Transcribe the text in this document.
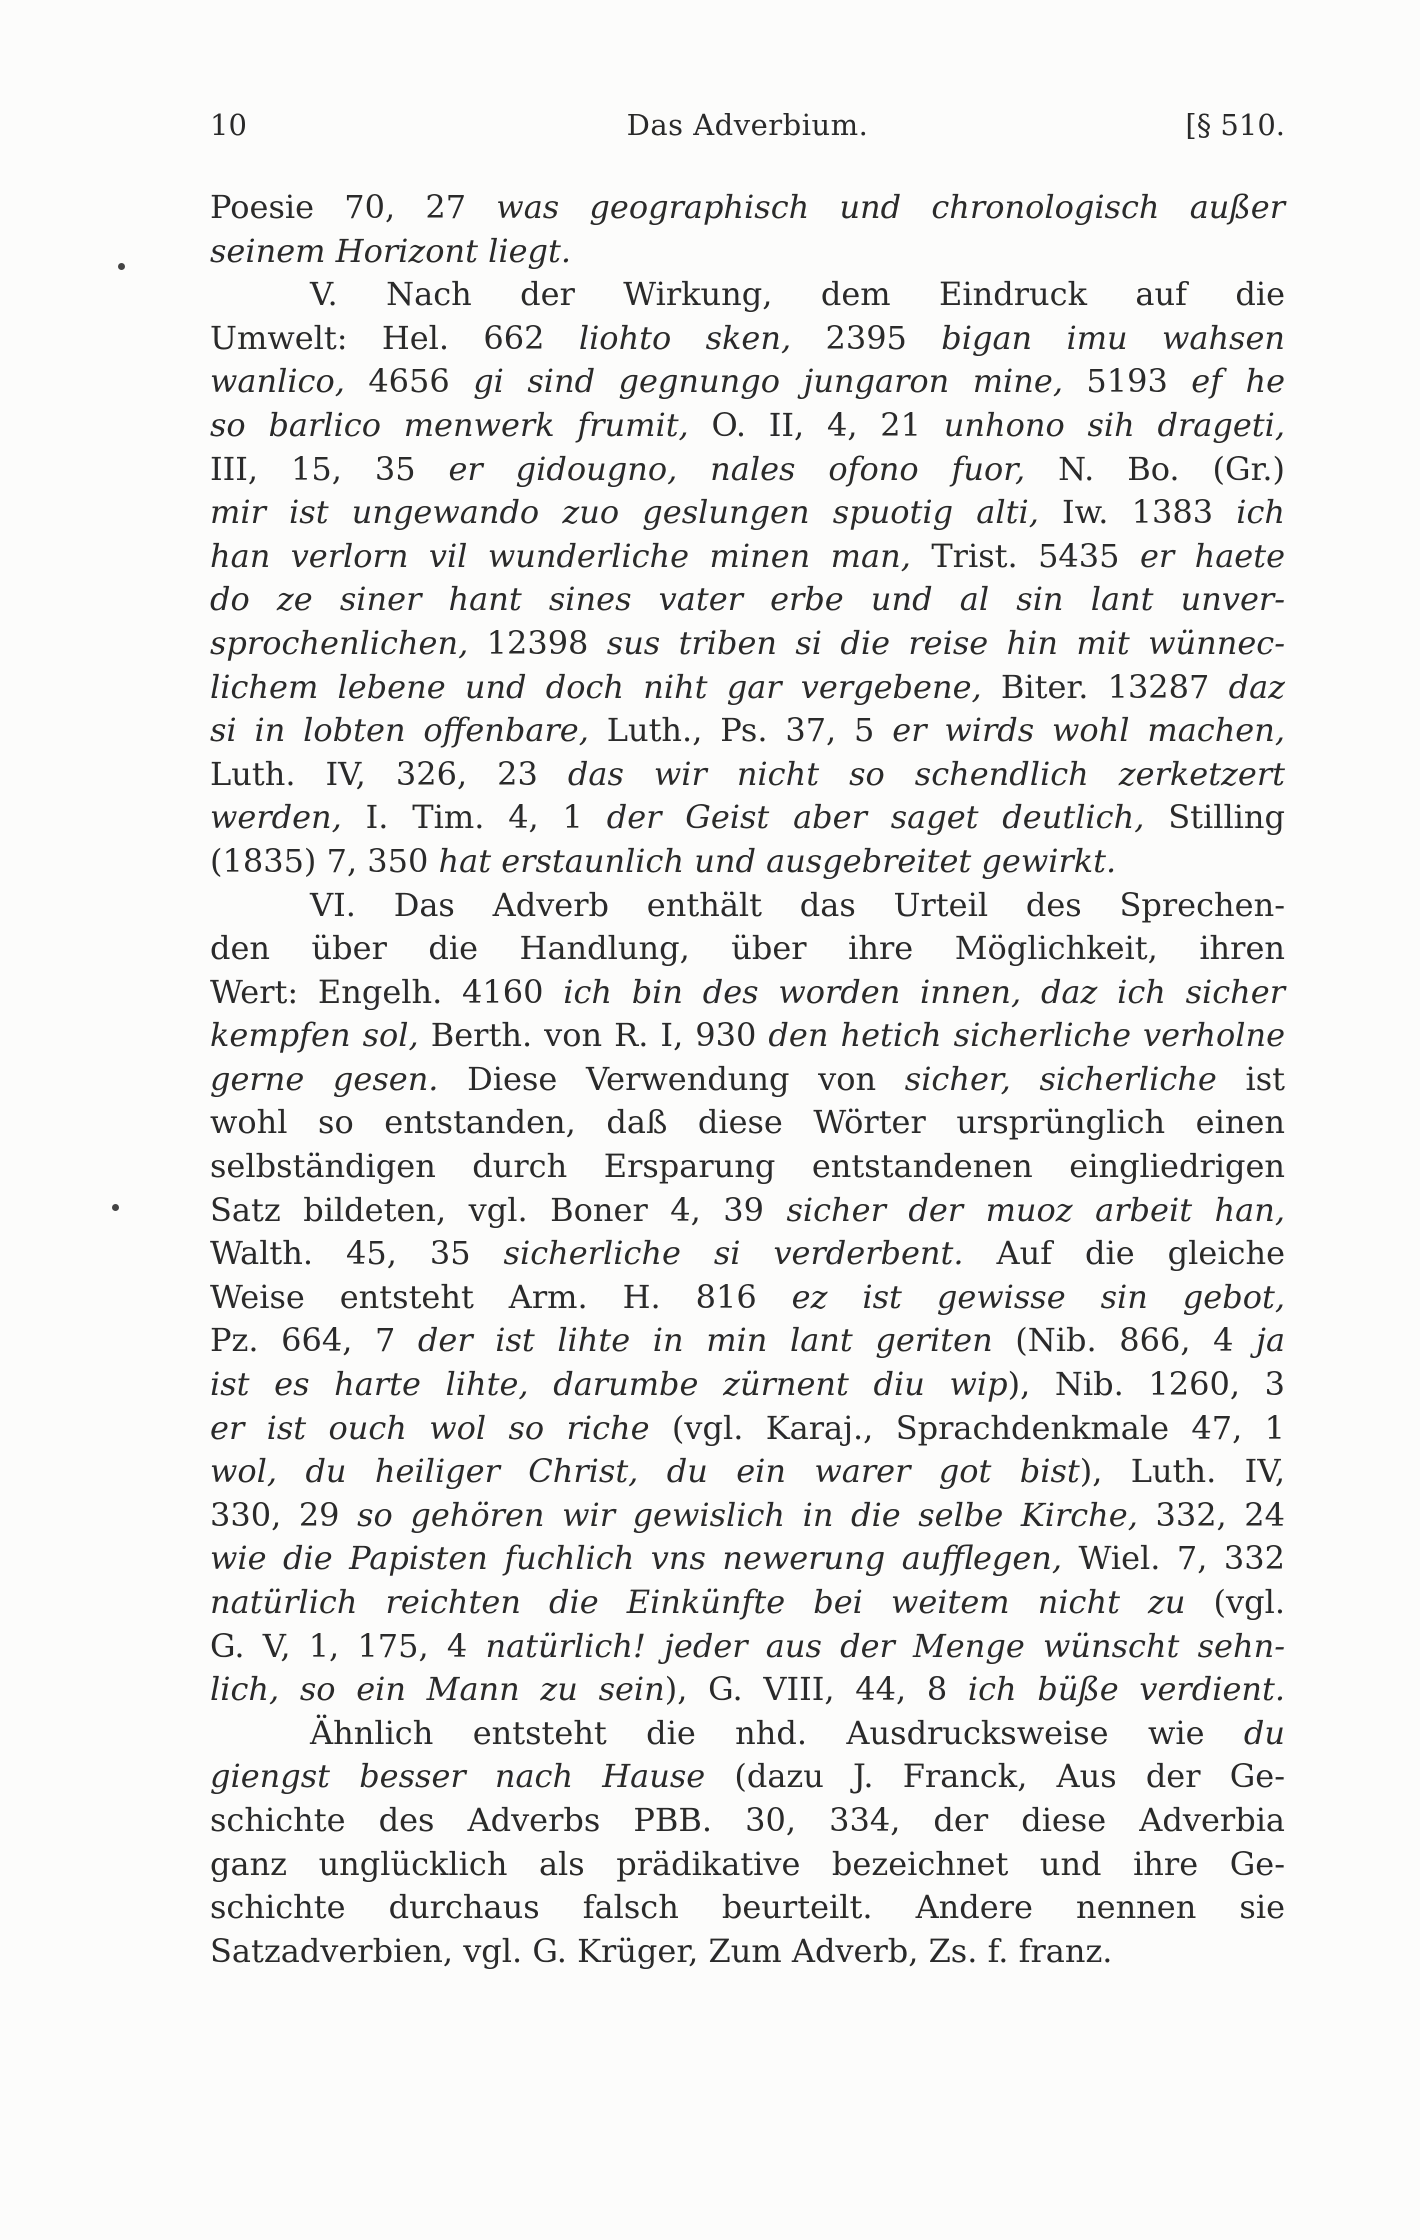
10	Das Adverbium.	[§ 510.
Poesie 70, 27 was geographisch und chronologisch außer
seinem Horizont liegt.
V. Nach der Wirkung, dem Eindruck auf die
Umwelt: Hel. 662 liohto sken, 2395 bigan imu wahsen
wanlico, 4656 gi sind gegnungo jungaron mine, 5193 ef he
so barlico menwerk frumit, O. II, 4, 21 unhono sih drageti,
III, 15, 35 er gidougno, nales ofono fuor, N. Bo. (Gr.)
mir ist ungewando zuo geslungen spuotig alti, Iw. 1383 ich
han verlorn vil wunderliche minen man, Trist. 5435 er haete
do ze siner hant sines vater erbe und al sin lant unver-
sprochenlichen, 12398 sus triben si die reise hin mit wünnec-
lichem lebene und doch niht gar vergebene, Biter. 13287 daz
si in lobten offenbare, Luth., Ps. 37, 5 er wirds wohl machen,
Luth. IV, 326, 23 das wir nicht so schendlich zerketzert
werden, I. Tim. 4, 1 der Geist aber saget deutlich, Stilling
(1835) 7, 350 hat erstaunlich und ausgebreitet gewirkt.
VI. Das Adverb enthält das Urteil des Sprechen-
den über die Handlung, über ihre Möglichkeit, ihren
Wert: Engelh. 4160 ich bin des worden innen, daz ich sicher
kempfen sol, Berth. von R. I, 930 den hetich sicherliche verholne
gerne gesen. Diese Verwendung von sicher, sicherliche ist
wohl so entstanden, daß diese Wörter ursprünglich einen
selbständigen durch Ersparung entstandenen eingliedrigen
Satz bildeten, vgl. Boner 4, 39 sicher der muoz arbeit han,
Walth. 45, 35 sicherliche si verderbent. Auf die gleiche
Weise entsteht Arm. H. 816 ez ist gewisse sin gebot,
Pz. 664, 7 der ist lihte in min lant geriten (Nib. 866, 4 ja
ist es harte lihte, darumbe zürnent diu wip), Nib. 1260, 3
er ist ouch wol so riche (vgl. Karaj., Sprachdenkmale 47, 1
wol, du heiliger Christ, du ein warer got bist), Luth. IV,
330, 29 so gehören wir gewislich in die selbe Kirche, 332, 24
wie die Papisten fuchlich vns newerung aufflegen, Wiel. 7, 332
natürlich reichten die Einkünfte bei weitem nicht zu (vgl.
G. V, 1, 175, 4 natürlich! jeder aus der Menge wünscht sehn-
lich, so ein Mann zu sein), G. VIII, 44, 8 ich büße verdient.
Ähnlich entsteht die nhd. Ausdrucksweise wie du
giengst besser nach Hause (dazu J. Franck, Aus der Ge-
schichte des Adverbs PBB. 30, 334, der diese Adverbia
ganz unglücklich als prädikative bezeichnet und ihre Ge-
schichte durchaus falsch beurteilt. Andere nennen sie
Satzadverbien, vgl. G. Krüger, Zum Adverb, Zs. f. franz.
